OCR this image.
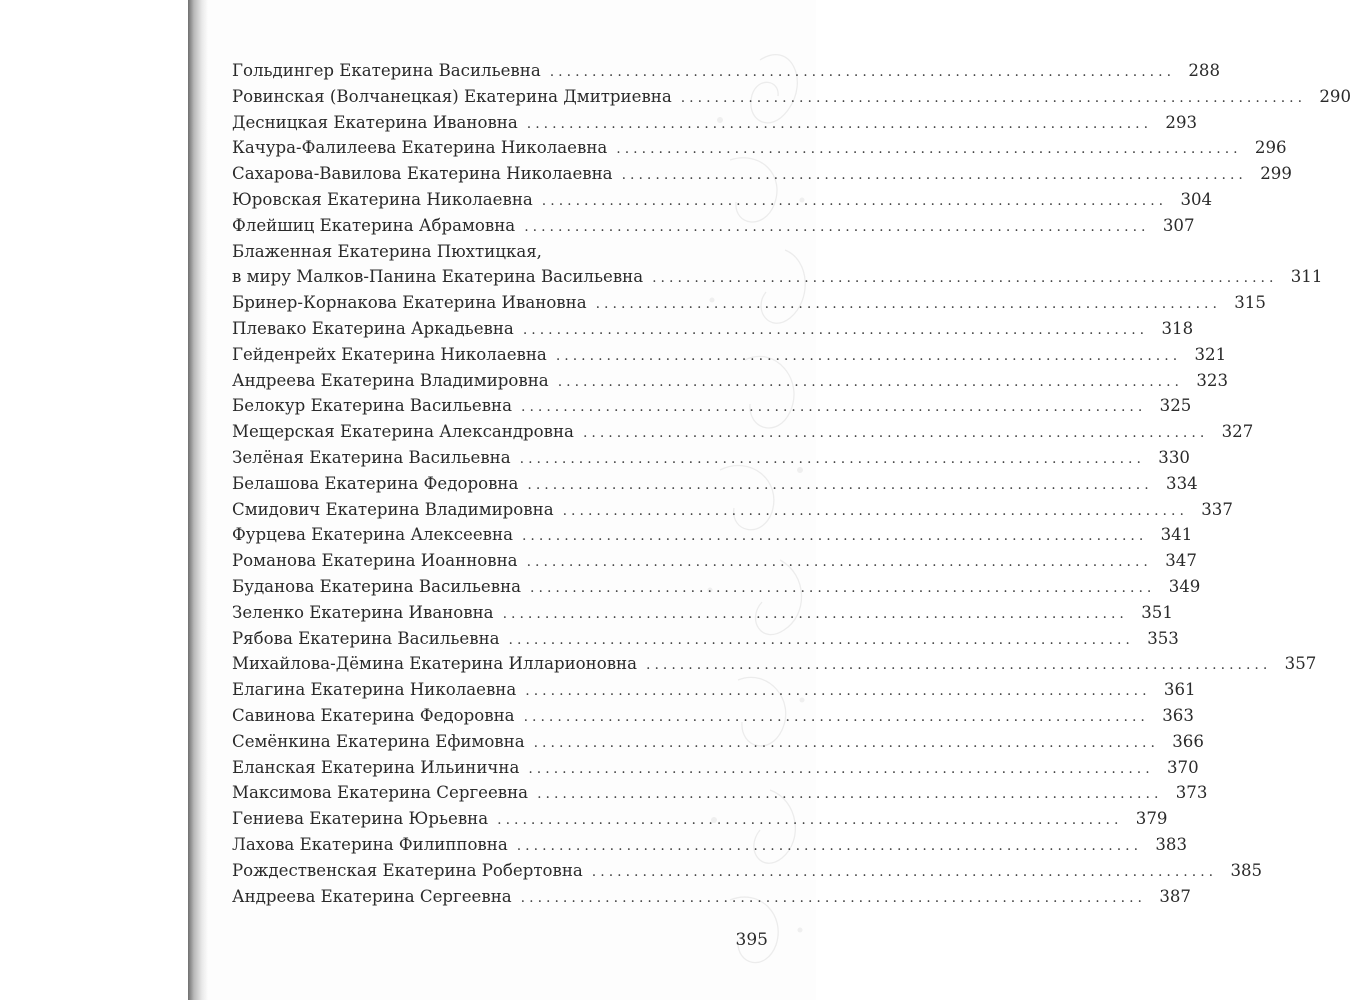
Гольдингер Екатерина Васильевна .......................................................................... 288
Ровинская (Волчанецкая) Екатерина Дмитриевна .......................................................................... 290
Десницкая Екатерина Ивановна .......................................................................... 293
Качура-Фалилеева Екатерина Николаевна .......................................................................... 296
Сахарова-Вавилова Екатерина Николаевна .......................................................................... 299
Юровская Екатерина Николаевна .......................................................................... 304
Флейшиц Екатерина Абрамовна .......................................................................... 307
Блаженная Екатерина Пюхтицкая,
в миру Малков-Панина Екатерина Васильевна .......................................................................... 311
Бринер-Корнакова Екатерина Ивановна .......................................................................... 315
Плевако Екатерина Аркадьевна .......................................................................... 318
Гейденрейх Екатерина Николаевна .......................................................................... 321
Андреева Екатерина Владимировна .......................................................................... 323
Белокур Екатерина Васильевна .......................................................................... 325
Мещерская Екатерина Александровна .......................................................................... 327
Зелёная Екатерина Васильевна .......................................................................... 330
Белашова Екатерина Федоровна .......................................................................... 334
Смидович Екатерина Владимировна .......................................................................... 337
Фурцева Екатерина Алексеевна .......................................................................... 341
Романова Екатерина Иоанновна .......................................................................... 347
Буданова Екатерина Васильевна .......................................................................... 349
Зеленко Екатерина Ивановна .......................................................................... 351
Рябова Екатерина Васильевна .......................................................................... 353
Михайлова-Дёмина Екатерина Илларионовна .......................................................................... 357
Елагина Екатерина Николаевна .......................................................................... 361
Савинова Екатерина Федоровна .......................................................................... 363
Семёнкина Екатерина Ефимовна .......................................................................... 366
Еланская Екатерина Ильинична .......................................................................... 370
Максимова Екатерина Сергеевна .......................................................................... 373
Гениева Екатерина Юрьевна .......................................................................... 379
Лахова Екатерина Филипповна .......................................................................... 383
Рождественская Екатерина Робертовна .......................................................................... 385
Андреева Екатерина Сергеевна .......................................................................... 387
395
